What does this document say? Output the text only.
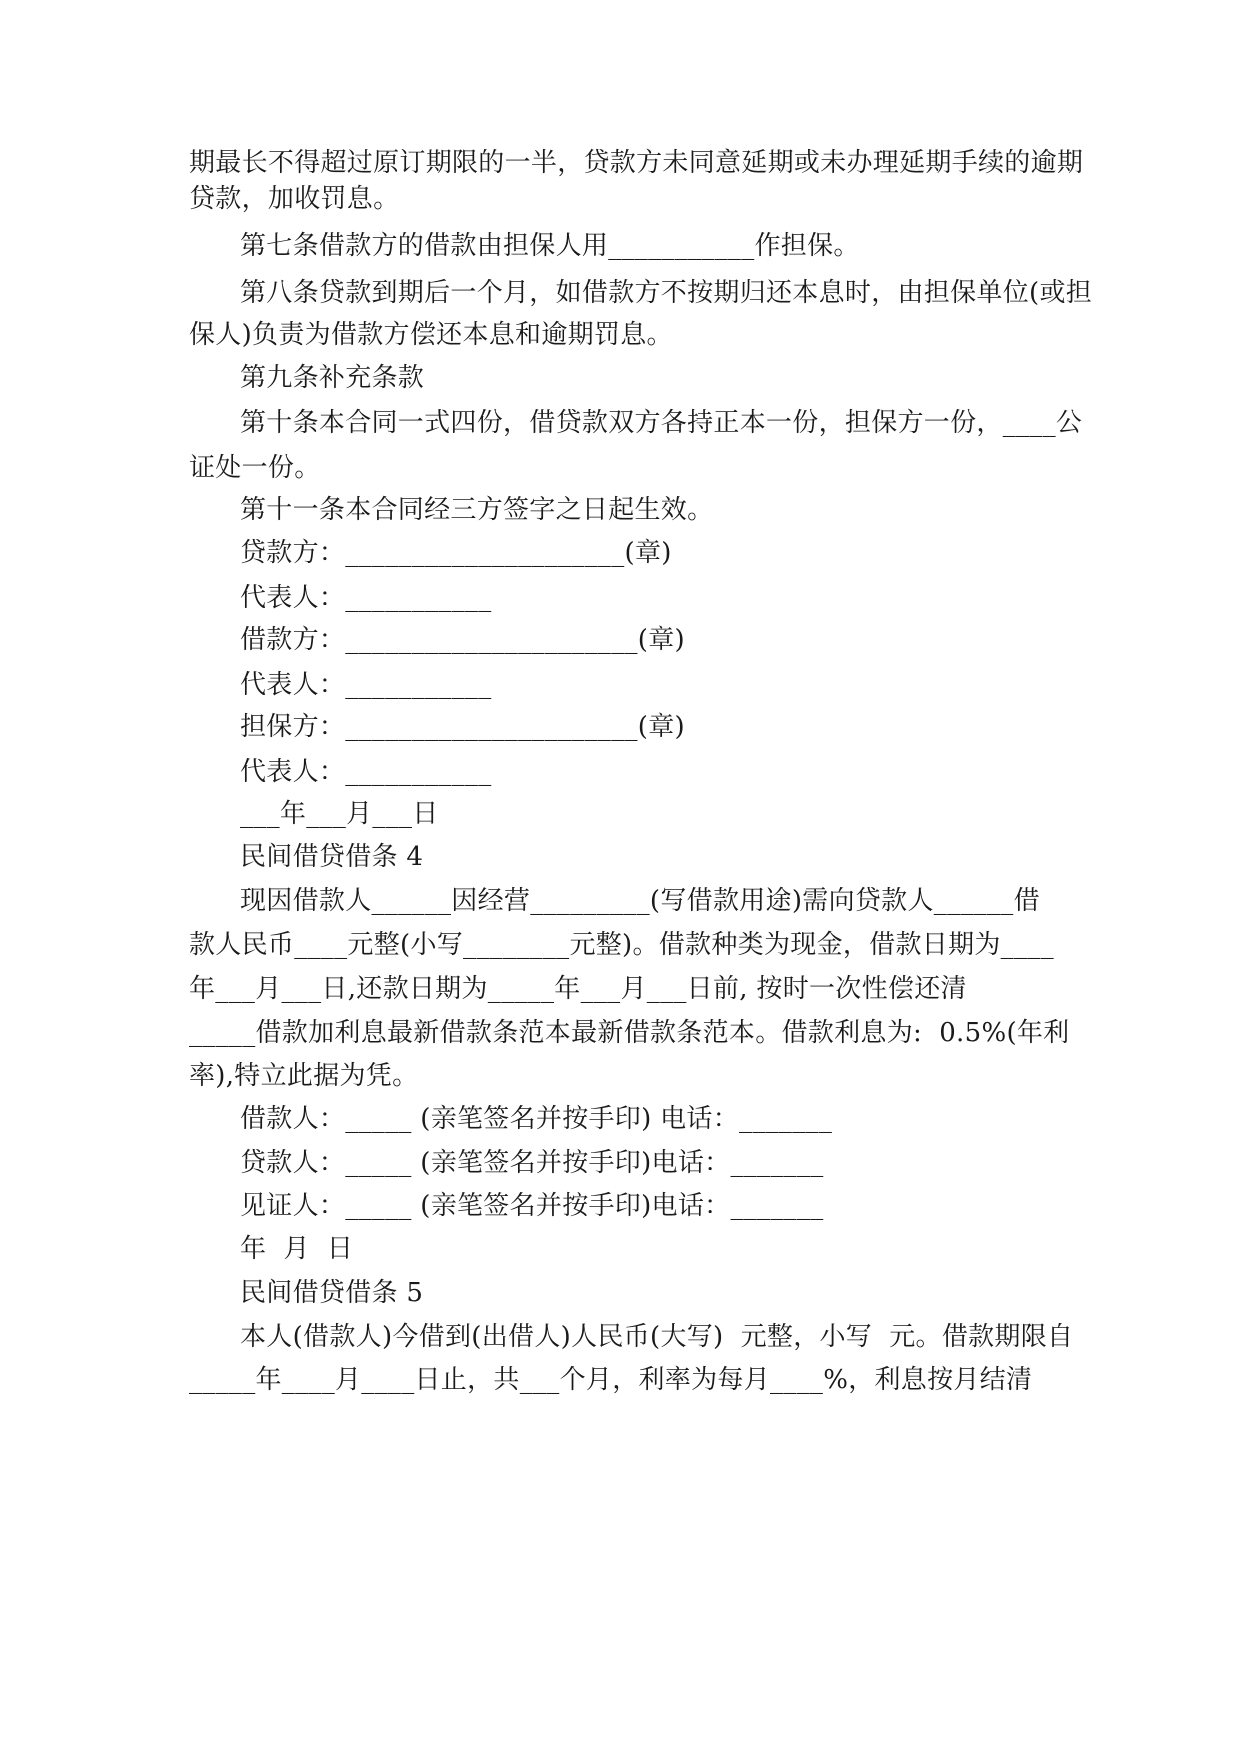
期最长不得超过原订期限的一半，贷款方未同意延期或未办理延期手续的逾期
贷款，加收罚息。
第七条借款方的借款由担保人用___________作担保。
第八条贷款到期后一个月，如借款方不按期归还本息时，由担保单位(或担
保人)负责为借款方偿还本息和逾期罚息。
第九条补充条款
第十条本合同一式四份，借贷款双方各持正本一份，担保方一份，____公
证处一份。
第十一条本合同经三方签字之日起生效。
贷款方：_____________________(章)
代表人：___________
借款方：______________________(章)
代表人：___________
担保方：______________________(章)
代表人：___________
___年___月___日
民间借贷借条 4
现因借款人______因经营_________(写借款用途)需向贷款人______借
款人民币____元整(小写________元整)。借款种类为现金，借款日期为____
年___月___日,还款日期为_____年___月___日前, 按时一次性偿还清
_____借款加利息最新借款条范本最新借款条范本。借款利息为:  0.5%(年利
率),特立此据为凭。
借款人：_____ (亲笔签名并按手印) 电话：_______
贷款人：_____ (亲笔签名并按手印)电话：_______
见证人：_____ (亲笔签名并按手印)电话：_______
年  月  日
民间借贷借条 5
本人(借款人)今借到(出借人)人民币(大写)  元整，小写  元。借款期限自
_____年____月____日止，共___个月，利率为每月____%，利息按月结清
